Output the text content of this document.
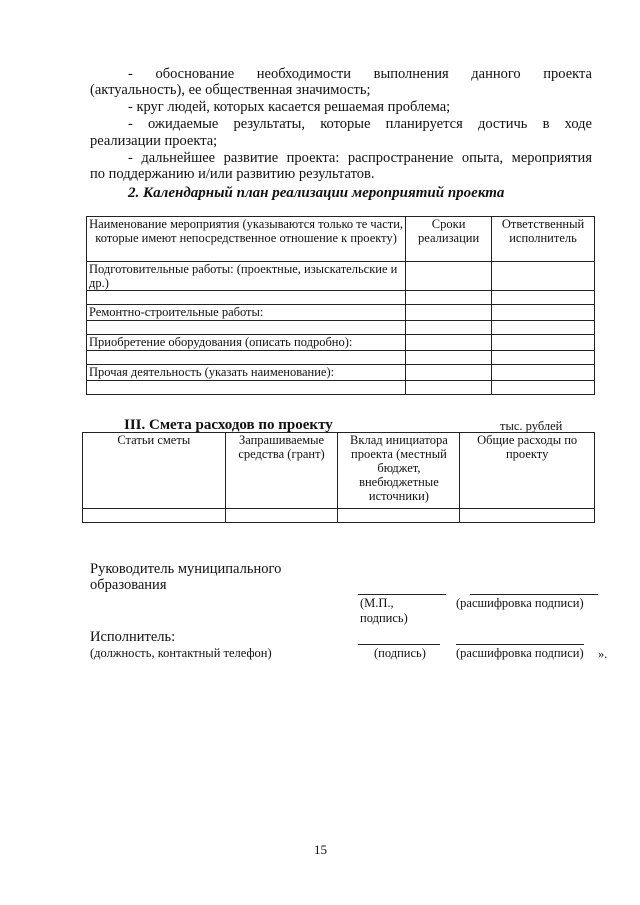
- обоснование необходимости выполнения данного проекта
(актуальность), ее общественная значимость;
- круг людей, которых касается решаемая проблема;
- ожидаемые результаты, которые планируется достичь в ходе
реализации проекта;
- дальнейшее развитие проекта: распространение опыта, мероприятия
по поддержанию и/или развитию результатов.
2. Календарный план реализации мероприятий проекта
Наименование мероприятия (указываются только те части, которые имеют непосредственное отношение к проекту)	Сроки реализации	Ответственный исполнитель
Подготовительные работы: (проектные, изыскательские и др.)		

Ремонтно-строительные работы:		

Приобретение оборудования (описать подробно):		

Прочая деятельность (указать наименование):		

III. Смета расходов по проекту	тыс. рублей
Статьи сметы	Запрашиваемые средства (грант)	Вклад инициатора проекта (местный бюджет, внебюджетные источники)	Общие расходы по проекту

Руководитель муниципального
образования
(М.П.,
подпись)
(расшифровка подписи)
Исполнитель:
(должность, контактный телефон)	(подпись) (расшифровка подписи) ».
15
